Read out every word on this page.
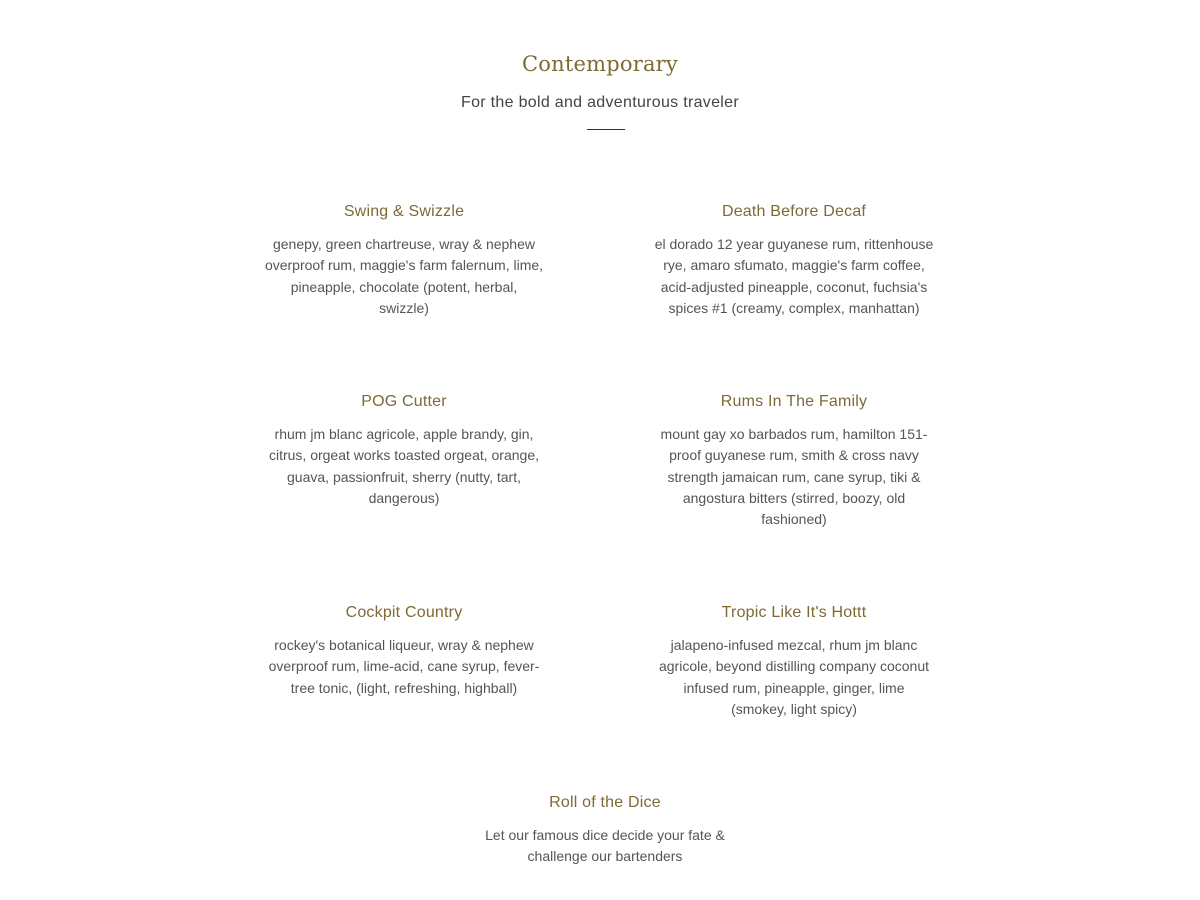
Contemporary

For the bold and adventurous traveler

Swing & Swizzle

genepy, green chartreuse, wray & nephew overproof rum, maggie's farm falernum, lime, pineapple, chocolate (potent, herbal, swizzle)

Death Before Decaf

el dorado 12 year guyanese rum, rittenhouse rye, amaro sfumato, maggie's farm coffee, acid-adjusted pineapple, coconut, fuchsia's spices #1 (creamy, complex, manhattan)

POG Cutter

rhum jm blanc agricole, apple brandy, gin, citrus, orgeat works toasted orgeat, orange, guava, passionfruit, sherry (nutty, tart, dangerous)

Rums In The Family

mount gay xo barbados rum, hamilton 151-proof guyanese rum, smith & cross navy strength jamaican rum, cane syrup, tiki & angostura bitters (stirred, boozy, old fashioned)

Cockpit Country

rockey's botanical liqueur, wray & nephew overproof rum, lime-acid, cane syrup, fever-tree tonic, (light, refreshing, highball)

Tropic Like It's Hottt

jalapeno-infused mezcal, rhum jm blanc agricole, beyond distilling company coconut infused rum, pineapple, ginger, lime (smokey, light spicy)

Roll of the Dice

Let our famous dice decide your fate & challenge our bartenders
